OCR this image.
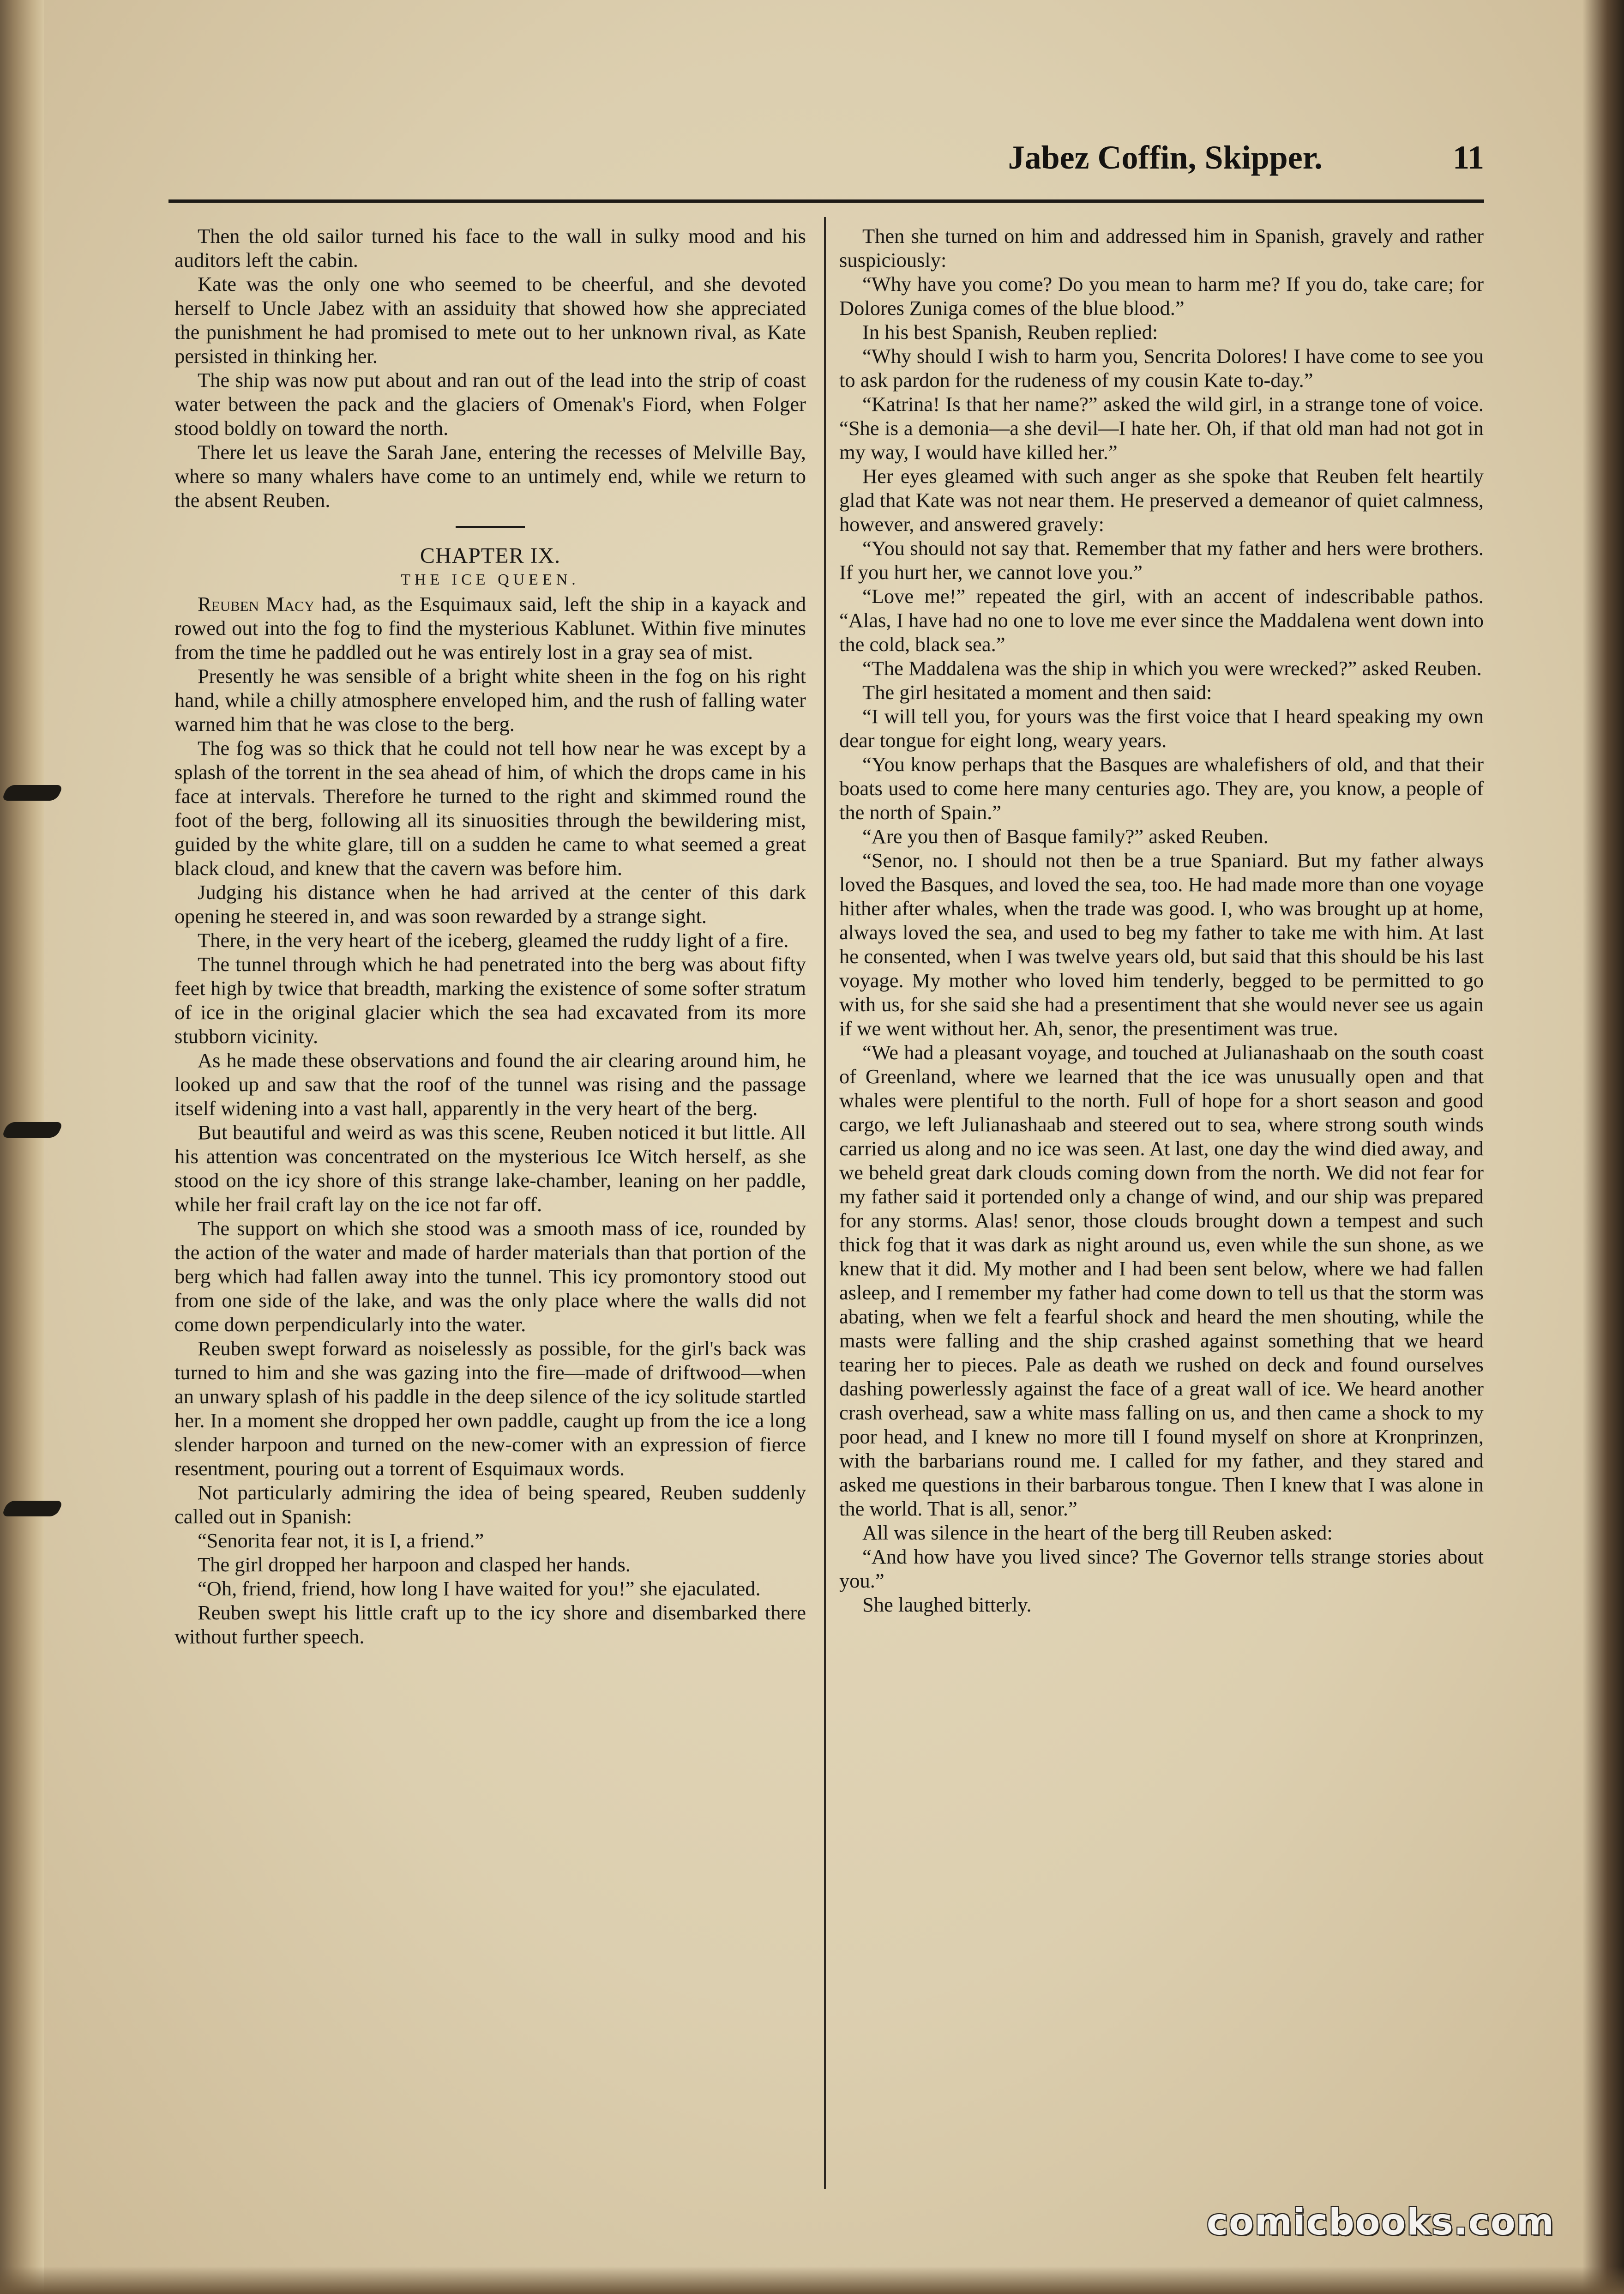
Jabez Coffin, Skipper.	11

Then the old sailor turned his face to the wall in sulky mood and his auditors left the cabin.

Kate was the only one who seemed to be cheerful, and she devoted herself to Uncle Jabez with an assiduity that showed how she appreciated the punishment he had promised to mete out to her unknown rival, as Kate persisted in thinking her.

The ship was now put about and ran out of the lead into the strip of coast water between the pack and the glaciers of Omenak's Fiord, when Folger stood boldly on toward the north.

There let us leave the Sarah Jane, entering the recesses of Melville Bay, where so many whalers have come to an untimely end, while we return to the absent Reuben.

CHAPTER IX.
THE ICE QUEEN.

Reuben Macy had, as the Esquimaux said, left the ship in a kayack and rowed out into the fog to find the mysterious Kablunet. Within five minutes from the time he paddled out he was entirely lost in a gray sea of mist.

Presently he was sensible of a bright white sheen in the fog on his right hand, while a chilly atmosphere enveloped him, and the rush of falling water warned him that he was close to the berg.

The fog was so thick that he could not tell how near he was except by a splash of the torrent in the sea ahead of him, of which the drops came in his face at intervals. Therefore he turned to the right and skimmed round the foot of the berg, following all its sinuosities through the bewildering mist, guided by the white glare, till on a sudden he came to what seemed a great black cloud, and knew that the cavern was before him.

Judging his distance when he had arrived at the center of this dark opening he steered in, and was soon rewarded by a strange sight.

There, in the very heart of the iceberg, gleamed the ruddy light of a fire.

The tunnel through which he had penetrated into the berg was about fifty feet high by twice that breadth, marking the existence of some softer stratum of ice in the original glacier which the sea had excavated from its more stubborn vicinity.

As he made these observations and found the air clearing around him, he looked up and saw that the roof of the tunnel was rising and the passage itself widening into a vast hall, apparently in the very heart of the berg.

But beautiful and weird as was this scene, Reuben noticed it but little. All his attention was concentrated on the mysterious Ice Witch herself, as she stood on the icy shore of this strange lake-chamber, leaning on her paddle, while her frail craft lay on the ice not far off.

The support on which she stood was a smooth mass of ice, rounded by the action of the water and made of harder materials than that portion of the berg which had fallen away into the tunnel. This icy promontory stood out from one side of the lake, and was the only place where the walls did not come down perpendicularly into the water.

Reuben swept forward as noiselessly as possible, for the girl's back was turned to him and she was gazing into the fire—made of driftwood—when an unwary splash of his paddle in the deep silence of the icy solitude startled her. In a moment she dropped her own paddle, caught up from the ice a long slender harpoon and turned on the new-comer with an expression of fierce resentment, pouring out a torrent of Esquimaux words.

Not particularly admiring the idea of being speared, Reuben suddenly called out in Spanish:

“Senorita fear not, it is I, a friend.”

The girl dropped her harpoon and clasped her hands.

“Oh, friend, friend, how long I have waited for you!” she ejaculated.

Reuben swept his little craft up to the icy shore and disembarked there without further speech.

Then she turned on him and addressed him in Spanish, gravely and rather suspiciously:

“Why have you come? Do you mean to harm me? If you do, take care; for Dolores Zuniga comes of the blue blood.”

In his best Spanish, Reuben replied:

“Why should I wish to harm you, Sencrita Dolores! I have come to see you to ask pardon for the rudeness of my cousin Kate to-day.”

“Katrina! Is that her name?” asked the wild girl, in a strange tone of voice. “She is a demonia—a she devil—I hate her. Oh, if that old man had not got in my way, I would have killed her.”

Her eyes gleamed with such anger as she spoke that Reuben felt heartily glad that Kate was not near them. He preserved a demeanor of quiet calmness, however, and answered gravely:

“You should not say that. Remember that my father and hers were brothers. If you hurt her, we cannot love you.”

“Love me!” repeated the girl, with an accent of indescribable pathos. “Alas, I have had no one to love me ever since the Maddalena went down into the cold, black sea.”

“The Maddalena was the ship in which you were wrecked?” asked Reuben.

The girl hesitated a moment and then said:

“I will tell you, for yours was the first voice that I heard speaking my own dear tongue for eight long, weary years.

“You know perhaps that the Basques are whalefishers of old, and that their boats used to come here many centuries ago. They are, you know, a people of the north of Spain.”

“Are you then of Basque family?” asked Reuben.

“Senor, no. I should not then be a true Spaniard. But my father always loved the Basques, and loved the sea, too. He had made more than one voyage hither after whales, when the trade was good. I, who was brought up at home, always loved the sea, and used to beg my father to take me with him. At last he consented, when I was twelve years old, but said that this should be his last voyage. My mother who loved him tenderly, begged to be permitted to go with us, for she said she had a presentiment that she would never see us again if we went without her. Ah, senor, the presentiment was true.

“We had a pleasant voyage, and touched at Julianashaab on the south coast of Greenland, where we learned that the ice was unusually open and that whales were plentiful to the north. Full of hope for a short season and good cargo, we left Julianashaab and steered out to sea, where strong south winds carried us along and no ice was seen. At last, one day the wind died away, and we beheld great dark clouds coming down from the north. We did not fear for my father said it portended only a change of wind, and our ship was prepared for any storms. Alas! senor, those clouds brought down a tempest and such thick fog that it was dark as night around us, even while the sun shone, as we knew that it did. My mother and I had been sent below, where we had fallen asleep, and I remember my father had come down to tell us that the storm was abating, when we felt a fearful shock and heard the men shouting, while the masts were falling and the ship crashed against something that we heard tearing her to pieces. Pale as death we rushed on deck and found ourselves dashing powerlessly against the face of a great wall of ice. We heard another crash overhead, saw a white mass falling on us, and then came a shock to my poor head, and I knew no more till I found myself on shore at Kronprinzen, with the barbarians round me. I called for my father, and they stared and asked me questions in their barbarous tongue. Then I knew that I was alone in the world. That is all, senor.”

All was silence in the heart of the berg till Reuben asked:

“And how have you lived since? The Governor tells strange stories about you.”

She laughed bitterly.

comicbooks.com
